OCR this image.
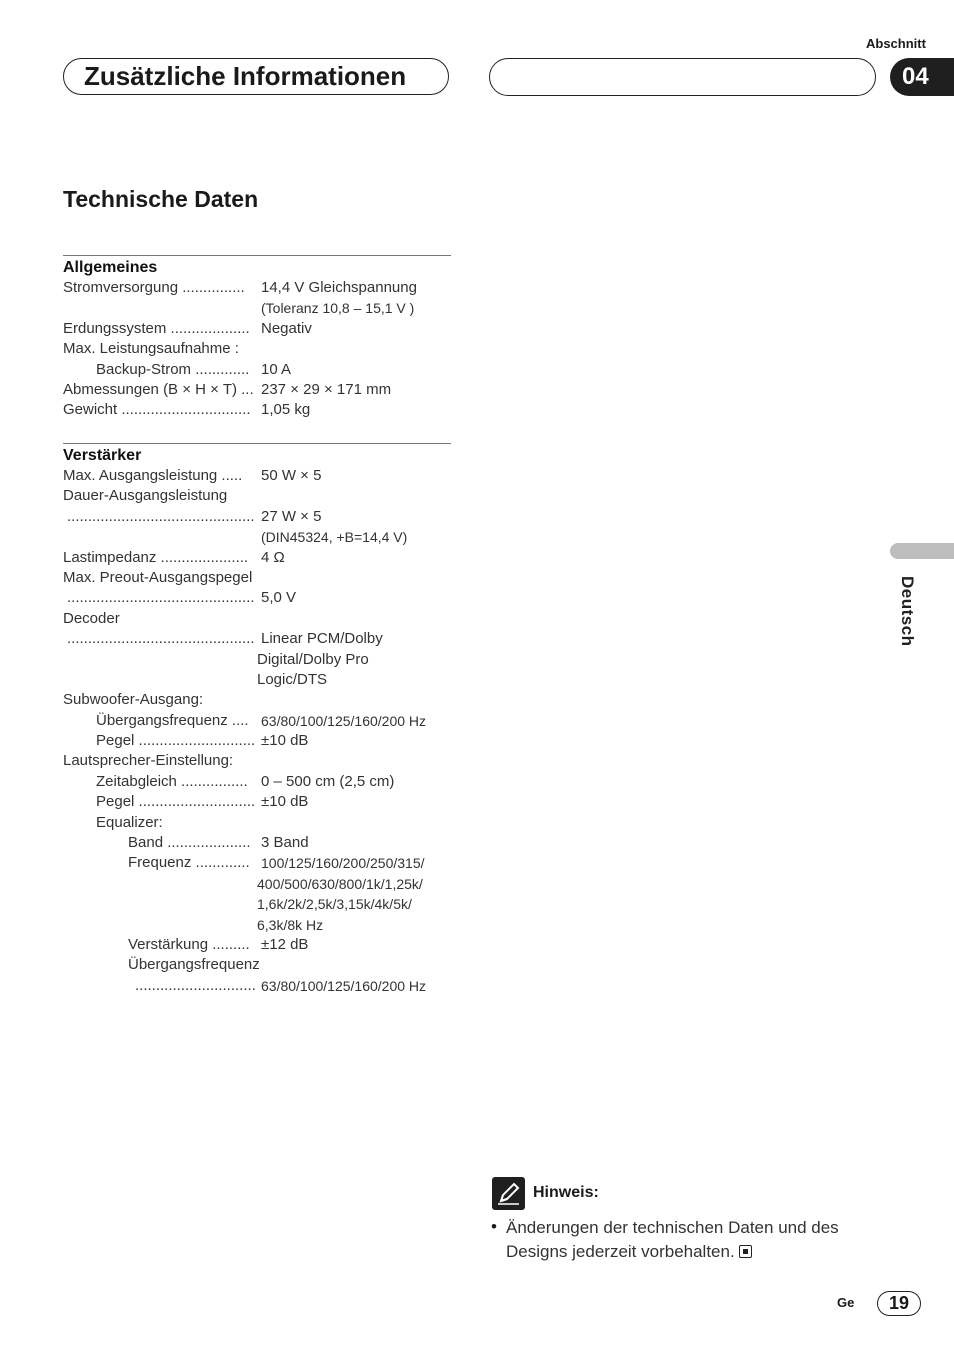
Abschnitt
Zusätzliche Informationen	04
Technische Daten
Allgemeines
Stromversorgung ............... 14,4 V Gleichspannung
(Toleranz 10,8 – 15,1 V )
Erdungssystem ................... Negativ
Max. Leistungsaufnahme :
Backup-Strom ............. 10 A
Abmessungen (B × H × T) ... 237 × 29 × 171 mm
Gewicht ............................... 1,05 kg
Verstärker
Max. Ausgangsleistung ..... 50 W × 5
Dauer-Ausgangsleistung
............................................. 27 W × 5
(DIN45324, +B=14,4 V)
Lastimpedanz ..................... 4 Ω
Max. Preout-Ausgangspegel
............................................. 5,0 V
Decoder
............................................. Linear PCM/Dolby
Digital/Dolby Pro
Logic/DTS
Subwoofer-Ausgang:
Übergangsfrequenz .... 63/80/100/125/160/200 Hz
Pegel ............................ ±10 dB
Lautsprecher-Einstellung:
Zeitabgleich ................ 0 – 500 cm (2,5 cm)
Pegel ............................ ±10 dB
Equalizer:
Band .................... 3 Band
Frequenz ............. 100/125/160/200/250/315/
400/500/630/800/1k/1,25k/
1,6k/2k/2,5k/3,15k/4k/5k/
6,3k/8k Hz
Verstärkung ......... ±12 dB
Übergangsfrequenz
............................. 63/80/100/125/160/200 Hz
Deutsch
Hinweis:
• Änderungen der technischen Daten und des Designs jederzeit vorbehalten.
Ge	19
